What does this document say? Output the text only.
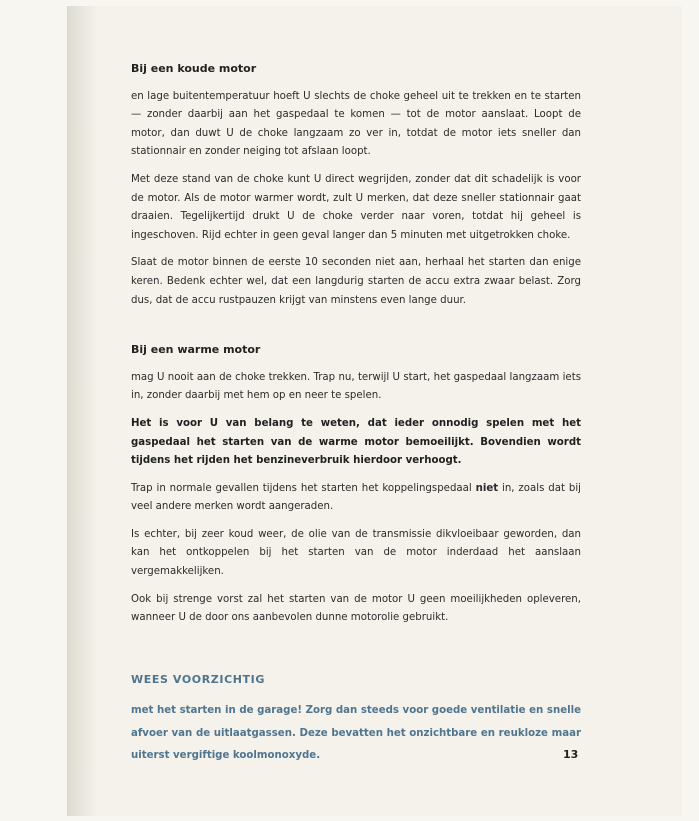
Bij een koude motor

en lage buitentemperatuur hoeft U slechts de choke geheel uit te trekken en te starten — zonder daarbij aan het gaspedaal te komen — tot de motor aanslaat. Loopt de motor, dan duwt U de choke langzaam zo ver in, totdat de motor iets sneller dan stationnair en zonder neiging tot afslaan loopt.

Met deze stand van de choke kunt U direct wegrijden, zonder dat dit schadelijk is voor de motor. Als de motor warmer wordt, zult U merken, dat deze sneller stationnair gaat draaien. Tegelijkertijd drukt U de choke verder naar voren, totdat hij geheel is ingeschoven. Rijd echter in geen geval langer dan 5 minuten met uitgetrokken choke.

Slaat de motor binnen de eerste 10 seconden niet aan, herhaal het starten dan enige keren. Bedenk echter wel, dat een langdurig starten de accu extra zwaar belast. Zorg dus, dat de accu rustpauzen krijgt van minstens even lange duur.

Bij een warme motor

mag U nooit aan de choke trekken. Trap nu, terwijl U start, het gaspedaal langzaam iets in, zonder daarbij met hem op en neer te spelen.

Het is voor U van belang te weten, dat ieder onnodig spelen met het gaspedaal het starten van de warme motor bemoeilijkt. Bovendien wordt tijdens het rijden het benzineverbruik hierdoor verhoogt.

Trap in normale gevallen tijdens het starten het koppelingspedaal niet in, zoals dat bij veel andere merken wordt aangeraden.

Is echter, bij zeer koud weer, de olie van de transmissie dikvloeibaar geworden, dan kan het ontkoppelen bij het starten van de motor inderdaad het aanslaan vergemakkelijken.

Ook bij strenge vorst zal het starten van de motor U geen moeilijkheden opleveren, wanneer U de door ons aanbevolen dunne motorolie gebruikt.

WEES VOORZICHTIG

met het starten in de garage! Zorg dan steeds voor goede ventilatie en snelle afvoer van de uitlaatgassen. Deze bevatten het onzichtbare en reukloze maar uiterst vergiftige koolmonoxyde.	13
